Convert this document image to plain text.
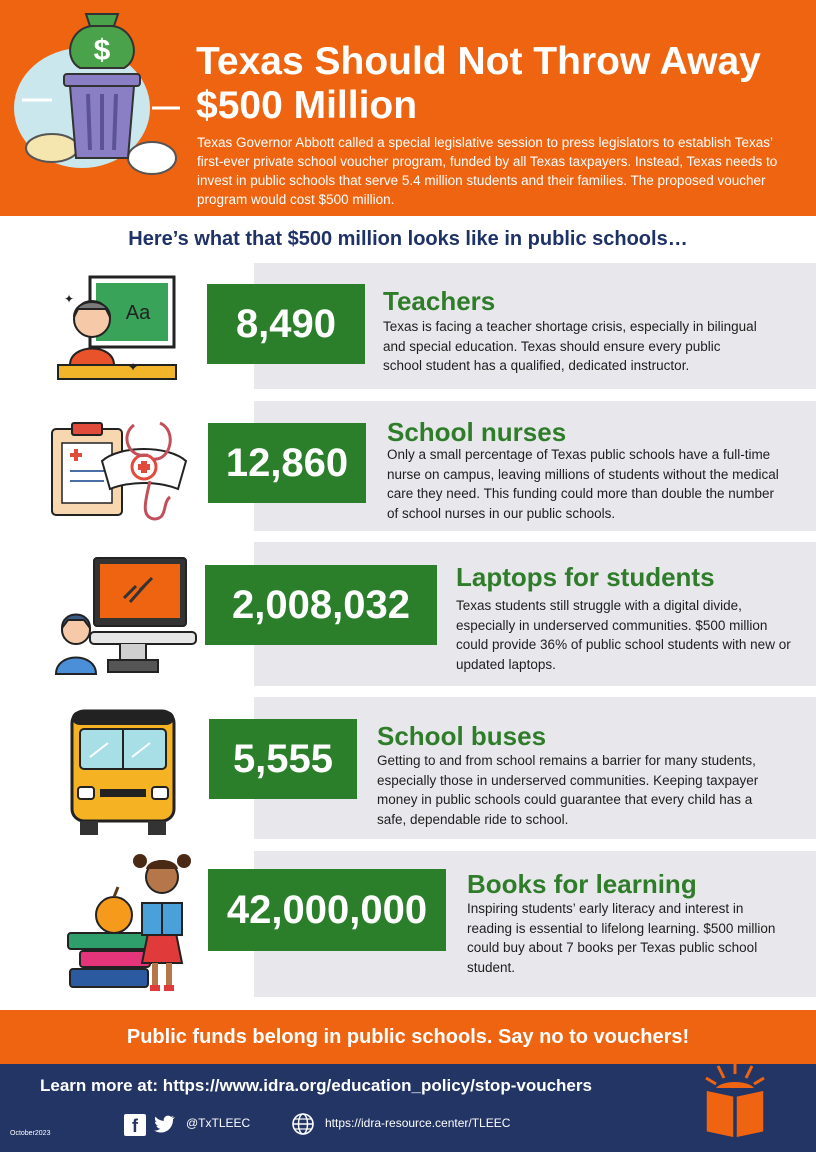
$ Texas Should Not Throw Away $500 Million
Texas Governor Abbott called a special legislative session to press legislators to establish Texas’ first-ever private school voucher program, funded by all Texas taxpayers. Instead, Texas needs to invest in public schools that serve 5.4 million students and their families. The proposed voucher program would cost $500 million.
Here’s what that $500 million looks like in public schools…
Aa
✦
✦
8,490
Teachers
Texas is facing a teacher shortage crisis, especially in bilingual and special education. Texas should ensure every public school student has a qualified, dedicated instructor.
12,860
School nurses
Only a small percentage of Texas public schools have a full-time nurse on campus, leaving millions of students without the medical care they need. This funding could more than double the number of school nurses in our public schools.
2,008,032
Laptops for students
Texas students still struggle with a digital divide, especially in underserved communities. $500 million could provide 36% of public school students with new or updated laptops.
5,555
School buses
Getting to and from school remains a barrier for many students, especially those in underserved communities. Keeping taxpayer money in public schools could guarantee that every child has a safe, dependable ride to school.
42,000,000
Books for learning
Inspiring students’ early literacy and interest in reading is essential to lifelong learning. $500 million could buy about 7 books per Texas public school student.
Public funds belong in public schools. Say no to vouchers!
Learn more at: https://www.idra.org/education_policy/stop-vouchers
October2023	f	@TxTLEEC	https://idra-resource.center/TLEEC
